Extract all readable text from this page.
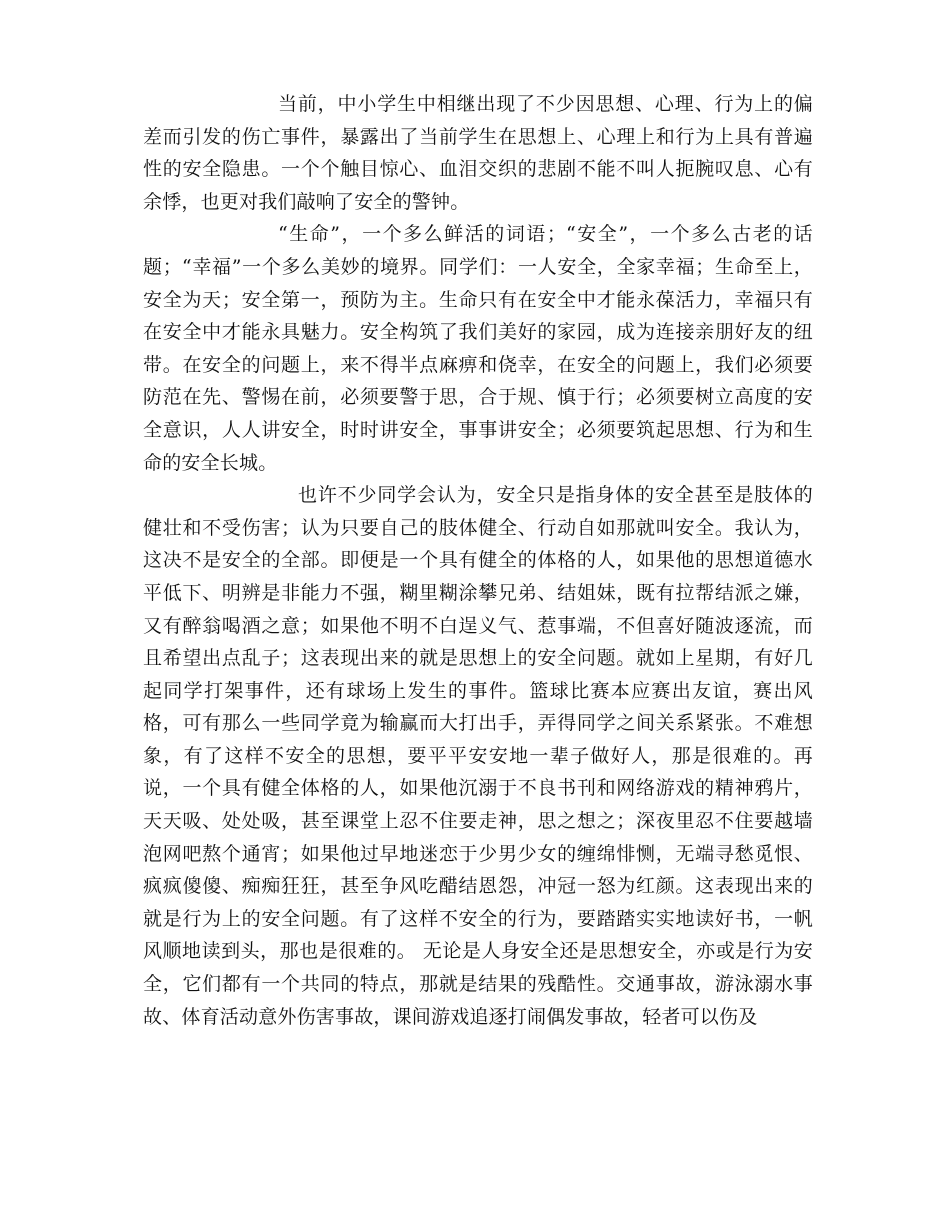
当前，中小学生中相继出现了不少因思想、心理、行为上的偏差而引发的伤亡事件，暴露出了当前学生在思想上、心理上和行为上具有普遍性的安全隐患。一个个触目惊心、血泪交织的悲剧不能不叫人扼腕叹息、心有余悸，也更对我们敲响了安全的警钟。

“生命”，一个多么鲜活的词语；“安全”，一个多么古老的话题；“幸福”一个多么美妙的境界。同学们：一人安全，全家幸福；生命至上，安全为天；安全第一，预防为主。生命只有在安全中才能永葆活力，幸福只有在安全中才能永具魅力。安全构筑了我们美好的家园，成为连接亲朋好友的纽带。在安全的问题上，来不得半点麻痹和侥幸，在安全的问题上，我们必须要防范在先、警惕在前，必须要警于思，合于规、慎于行；必须要树立高度的安全意识，人人讲安全，时时讲安全，事事讲安全；必须要筑起思想、行为和生命的安全长城。

也许不少同学会认为，安全只是指身体的安全甚至是肢体的健壮和不受伤害；认为只要自己的肢体健全、行动自如那就叫安全。我认为，这决不是安全的全部。即便是一个具有健全的体格的人，如果他的思想道德水平低下、明辨是非能力不强，糊里糊涂攀兄弟、结姐妹，既有拉帮结派之嫌，又有醉翁喝酒之意；如果他不明不白逞义气、惹事端，不但喜好随波逐流，而且希望出点乱子；这表现出来的就是思想上的安全问题。就如上星期，有好几起同学打架事件，还有球场上发生的事件。篮球比赛本应赛出友谊，赛出风格，可有那么一些同学竟为输赢而大打出手，弄得同学之间关系紧张。不难想象，有了这样不安全的思想，要平平安安地一辈子做好人，那是很难的。再说，一个具有健全体格的人，如果他沉溺于不良书刊和网络游戏的精神鸦片，天天吸、处处吸，甚至课堂上忍不住要走神，思之想之；深夜里忍不住要越墙泡网吧熬个通宵；如果他过早地迷恋于少男少女的缠绵悱恻，无端寻愁觅恨、疯疯傻傻、痴痴狂狂，甚至争风吃醋结恩怨，冲冠一怒为红颜。这表现出来的就是行为上的安全问题。有了这样不安全的行为，要踏踏实实地读好书，一帆风顺地读到头，那也是很难的。 无论是人身安全还是思想安全，亦或是行为安全，它们都有一个共同的特点，那就是结果的残酷性。交通事故，游泳溺水事故、体育活动意外伤害事故，课间游戏追逐打闹偶发事故，轻者可以伤及
